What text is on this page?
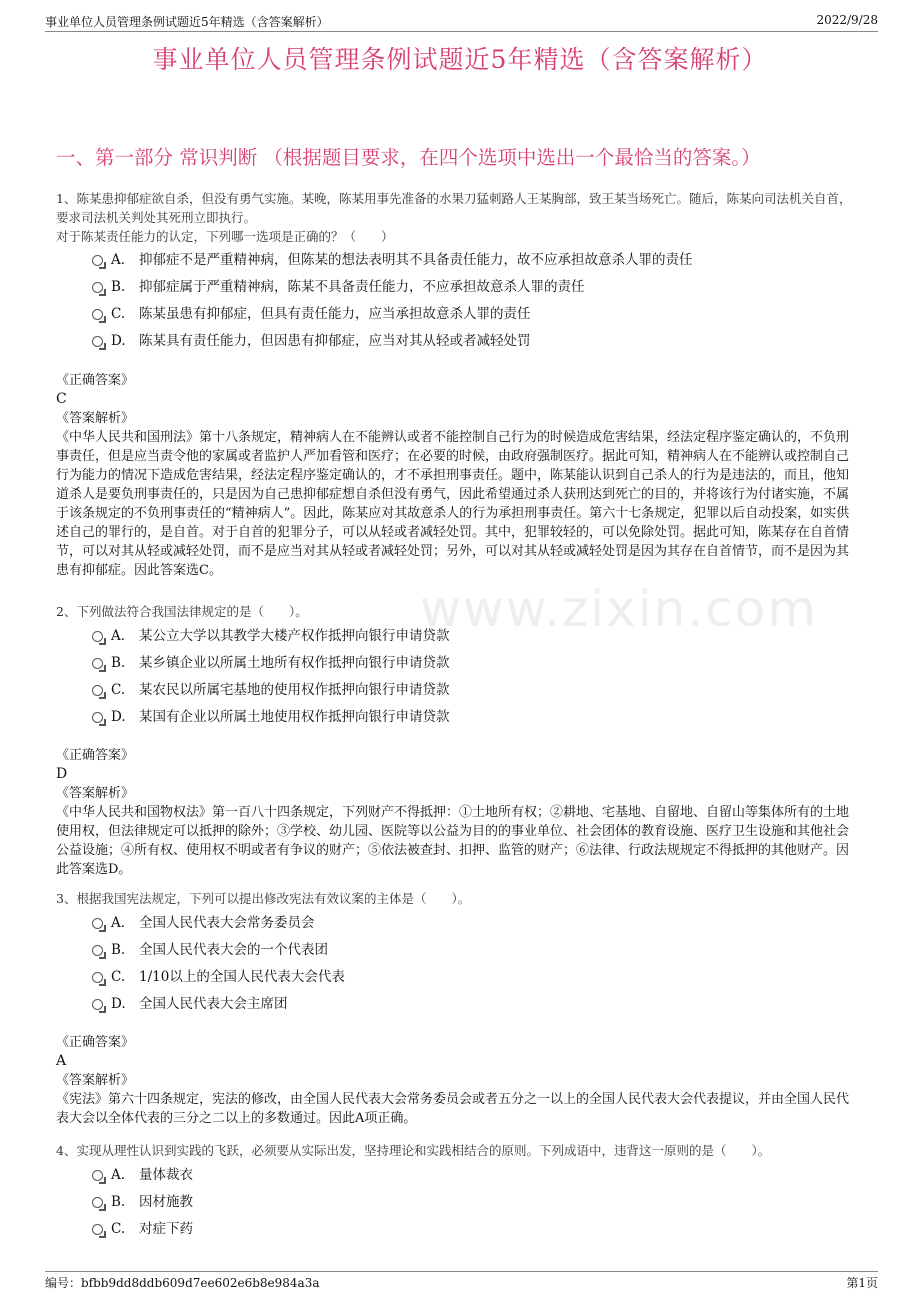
事业单位人员管理条例试题近5年精选（含答案解析）	2022/9/28
事业单位人员管理条例试题近5年精选（含答案解析）
一、第一部分 常识判断 （根据题目要求，在四个选项中选出一个最恰当的答案。）
www.zixin.com
1、陈某患抑郁症欲自杀，但没有勇气实施。某晚，陈某用事先准备的水果刀猛刺路人王某胸部，致王某当场死亡。随后，陈某向司法机关自首，要求司法机关判处其死刑立即执行。
对于陈某责任能力的认定，下列哪一选项是正确的？（　　）
A. 抑郁症不是严重精神病，但陈某的想法表明其不具备责任能力，故不应承担故意杀人罪的责任
B. 抑郁症属于严重精神病，陈某不具备责任能力，不应承担故意杀人罪的责任
C. 陈某虽患有抑郁症，但具有责任能力，应当承担故意杀人罪的责任
D. 陈某具有责任能力，但因患有抑郁症，应当对其从轻或者减轻处罚
《正确答案》
C
《答案解析》
《中华人民共和国刑法》第十八条规定，精神病人在不能辨认或者不能控制自己行为的时候造成危害结果，经法定程序鉴定确认的，不负刑事责任，但是应当责令他的家属或者监护人严加看管和医疗；在必要的时候，由政府强制医疗。据此可知，精神病人在不能辨认或控制自己行为能力的情况下造成危害结果，经法定程序鉴定确认的，才不承担刑事责任。题中，陈某能认识到自己杀人的行为是违法的，而且，他知道杀人是要负刑事责任的，只是因为自己患抑郁症想自杀但没有勇气，因此希望通过杀人获刑达到死亡的目的，并将该行为付诸实施，不属于该条规定的不负刑事责任的“精神病人”。因此，陈某应对其故意杀人的行为承担刑事责任。第六十七条规定，犯罪以后自动投案，如实供述自己的罪行的，是自首。对于自首的犯罪分子，可以从轻或者减轻处罚。其中，犯罪较轻的，可以免除处罚。据此可知，陈某存在自首情节，可以对其从轻或减轻处罚，而不是应当对其从轻或者减轻处罚；另外，可以对其从轻或减轻处罚是因为其存在自首情节，而不是因为其患有抑郁症。因此答案选C。
2、下列做法符合我国法律规定的是（　　）。
A. 某公立大学以其教学大楼产权作抵押向银行申请贷款
B. 某乡镇企业以所属土地所有权作抵押向银行申请贷款
C. 某农民以所属宅基地的使用权作抵押向银行申请贷款
D. 某国有企业以所属土地使用权作抵押向银行申请贷款
《正确答案》
D
《答案解析》
《中华人民共和国物权法》第一百八十四条规定，下列财产不得抵押：①土地所有权；②耕地、宅基地、自留地、自留山等集体所有的土地使用权，但法律规定可以抵押的除外；③学校、幼儿园、医院等以公益为目的的事业单位、社会团体的教育设施、医疗卫生设施和其他社会公益设施；④所有权、使用权不明或者有争议的财产；⑤依法被查封、扣押、监管的财产；⑥法律、行政法规规定不得抵押的其他财产。因此答案选D。
3、根据我国宪法规定，下列可以提出修改宪法有效议案的主体是（　　）。
A. 全国人民代表大会常务委员会
B. 全国人民代表大会的一个代表团
C. 1/10以上的全国人民代表大会代表
D. 全国人民代表大会主席团
《正确答案》
A
《答案解析》
《宪法》第六十四条规定，宪法的修改，由全国人民代表大会常务委员会或者五分之一以上的全国人民代表大会代表提议，并由全国人民代表大会以全体代表的三分之二以上的多数通过。因此A项正确。
4、实现从理性认识到实践的飞跃，必须要从实际出发，坚持理论和实践相结合的原则。下列成语中，违背这一原则的是（　　）。
A. 量体裁衣
B. 因材施教
C. 对症下药
编号：bfbb9dd8ddb609d7ee602e6b8e984a3a	第1页
